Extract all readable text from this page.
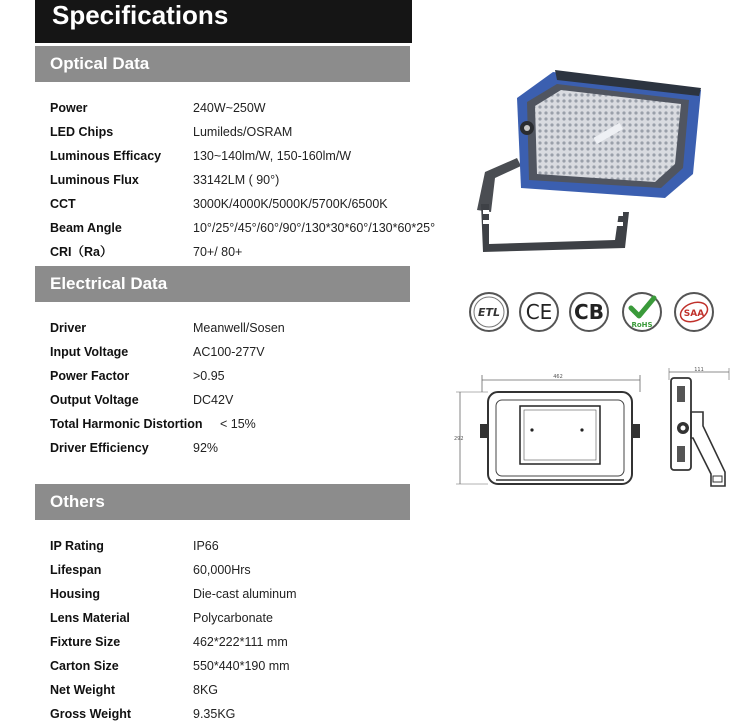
Specifications
Optical Data
Power	240W~250W
LED Chips	Lumileds/OSRAM
Luminous Efficacy	130~140lm/W, 150-160lm/W
Luminous Flux	33142LM ( 90°)
CCT	3000K/4000K/5000K/5700K/6500K
Beam Angle	10°/25°/45°/60°/90°/130*30*60°/130*60*25°
CRI（Ra）	70+/ 80+
Electrical Data
Driver	Meanwell/Sosen
Input Voltage	AC100-277V
Power Factor	>0.95
Output Voltage	DC42V
Total Harmonic Distortion < 15%
Driver Efficiency	92%
Others
IP Rating	IP66
Lifespan	60,000Hrs
Housing	Die-cast aluminum
Lens Material	Polycarbonate
Fixture Size	462*222*111 mm
Carton Size	550*440*190 mm
Net Weight	8KG
Gross Weight	9.35KG
ETL CE CB
RoHS
SAA
462
292
111
